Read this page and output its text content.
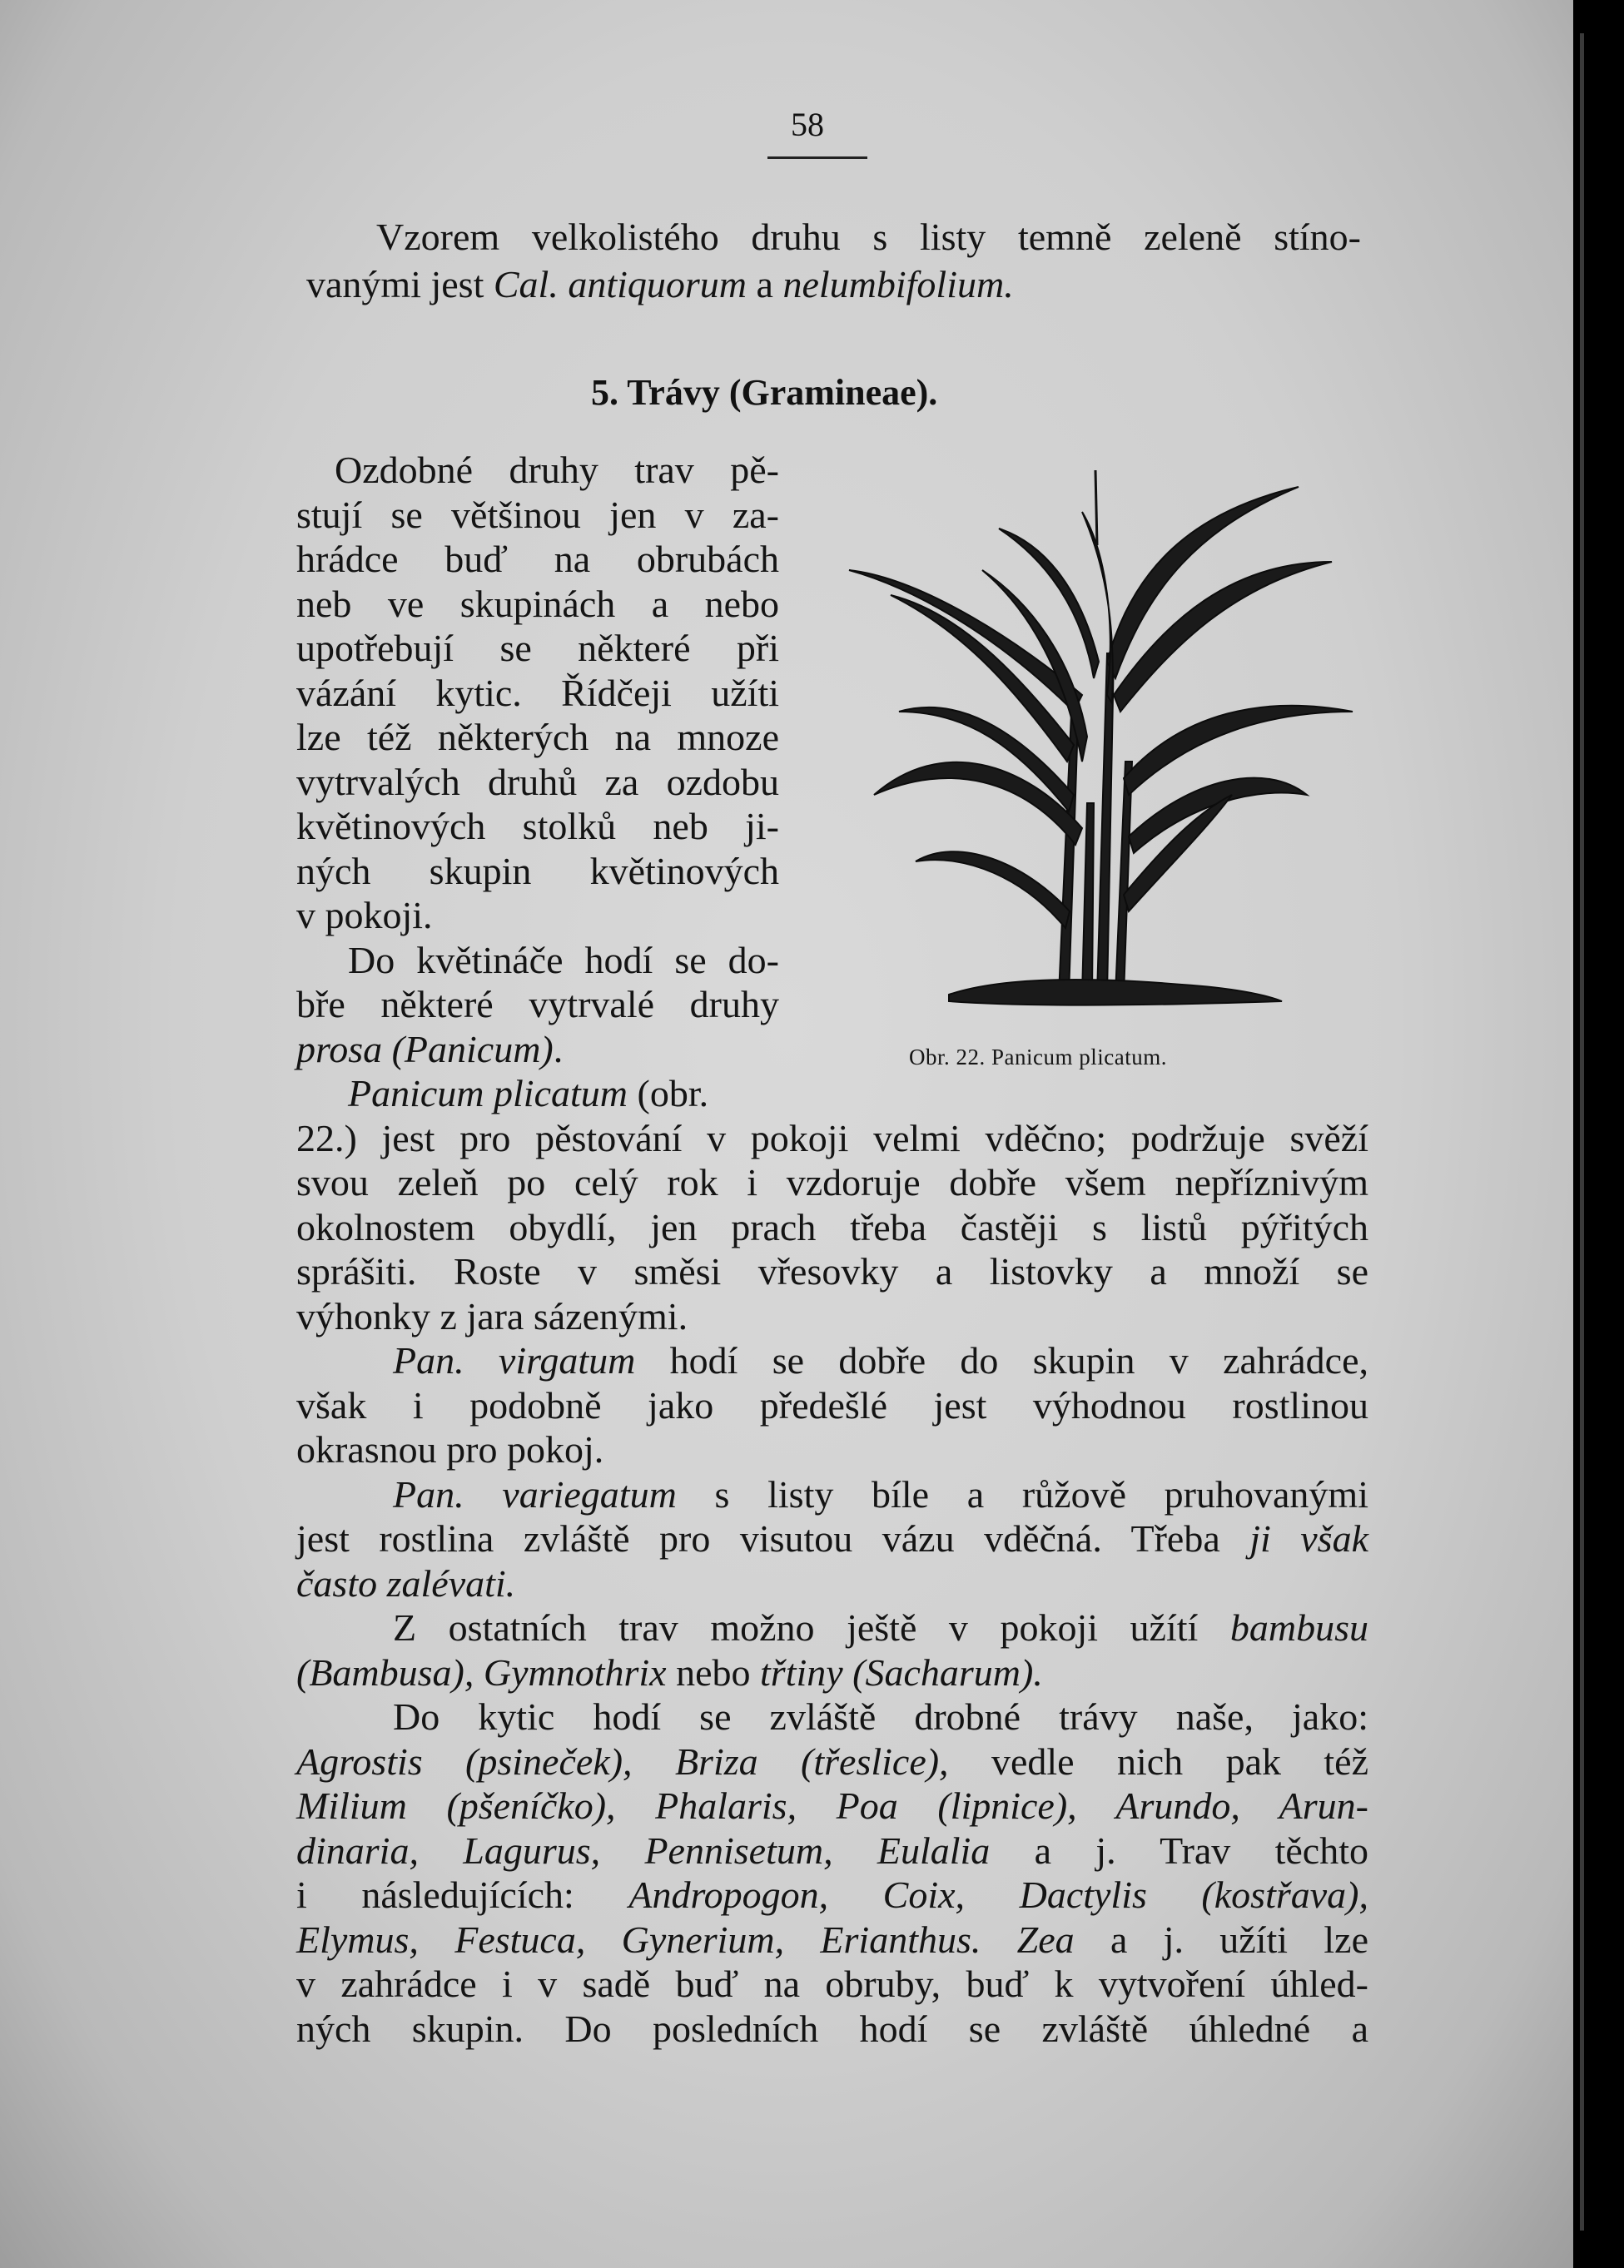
58

Vzorem velkolistého druhu s listy temně zeleně stíno-

vanými jest Cal. antiquorum a nelumbifolium.

5. Trávy (Gramineae).

Ozdobné druhy trav pě-

stují se většinou jen v za-

hrádce buď na obrubách

neb ve skupinách a nebo

upotřebují se některé při

vázání kytic. Řídčeji užíti

lze též některých na mnoze

vytrvalých druhů za ozdobu

květinových stolků neb ji-

ných skupin květinových

v pokoji.

Do květináče hodí se do-

bře některé vytrvalé druhy

prosa (Panicum).

Panicum plicatum (obr.

Obr. 22. Panicum plicatum.

22.) jest pro pěstování v pokoji velmi vděčno; podržuje svěží

svou zeleň po celý rok i vzdoruje dobře všem nepříznivým

okolnostem obydlí, jen prach třeba častěji s listů pýřitých

sprášiti. Roste v směsi vřesovky a listovky a množí se

výhonky z jara sázenými.

Pan. virgatum hodí se dobře do skupin v zahrádce,

však i podobně jako předešlé jest výhodnou rostlinou

okrasnou pro pokoj.

Pan. variegatum s listy bíle a růžově pruhovanými

jest rostlina zvláště pro visutou vázu vděčná. Třeba ji však

často zalévati.

Z ostatních trav možno ještě v pokoji užítí bambusu

(Bambusa), Gymnothrix nebo třtiny (Sacharum).

Do kytic hodí se zvláště drobné trávy naše, jako:

Agrostis (psineček), Briza (třeslice), vedle nich pak též

Milium (pšeníčko), Phalaris, Poa (lipnice), Arundo, Arun-

dinaria, Lagurus, Pennisetum, Eulalia a j. Trav těchto

i následujících: Andropogon, Coix, Dactylis (kostřava),

Elymus, Festuca, Gynerium, Erianthus. Zea a j. užíti lze

v zahrádce i v sadě buď na obruby, buď k vytvoření úhled-

ných skupin. Do posledních hodí se zvláště úhledné a
